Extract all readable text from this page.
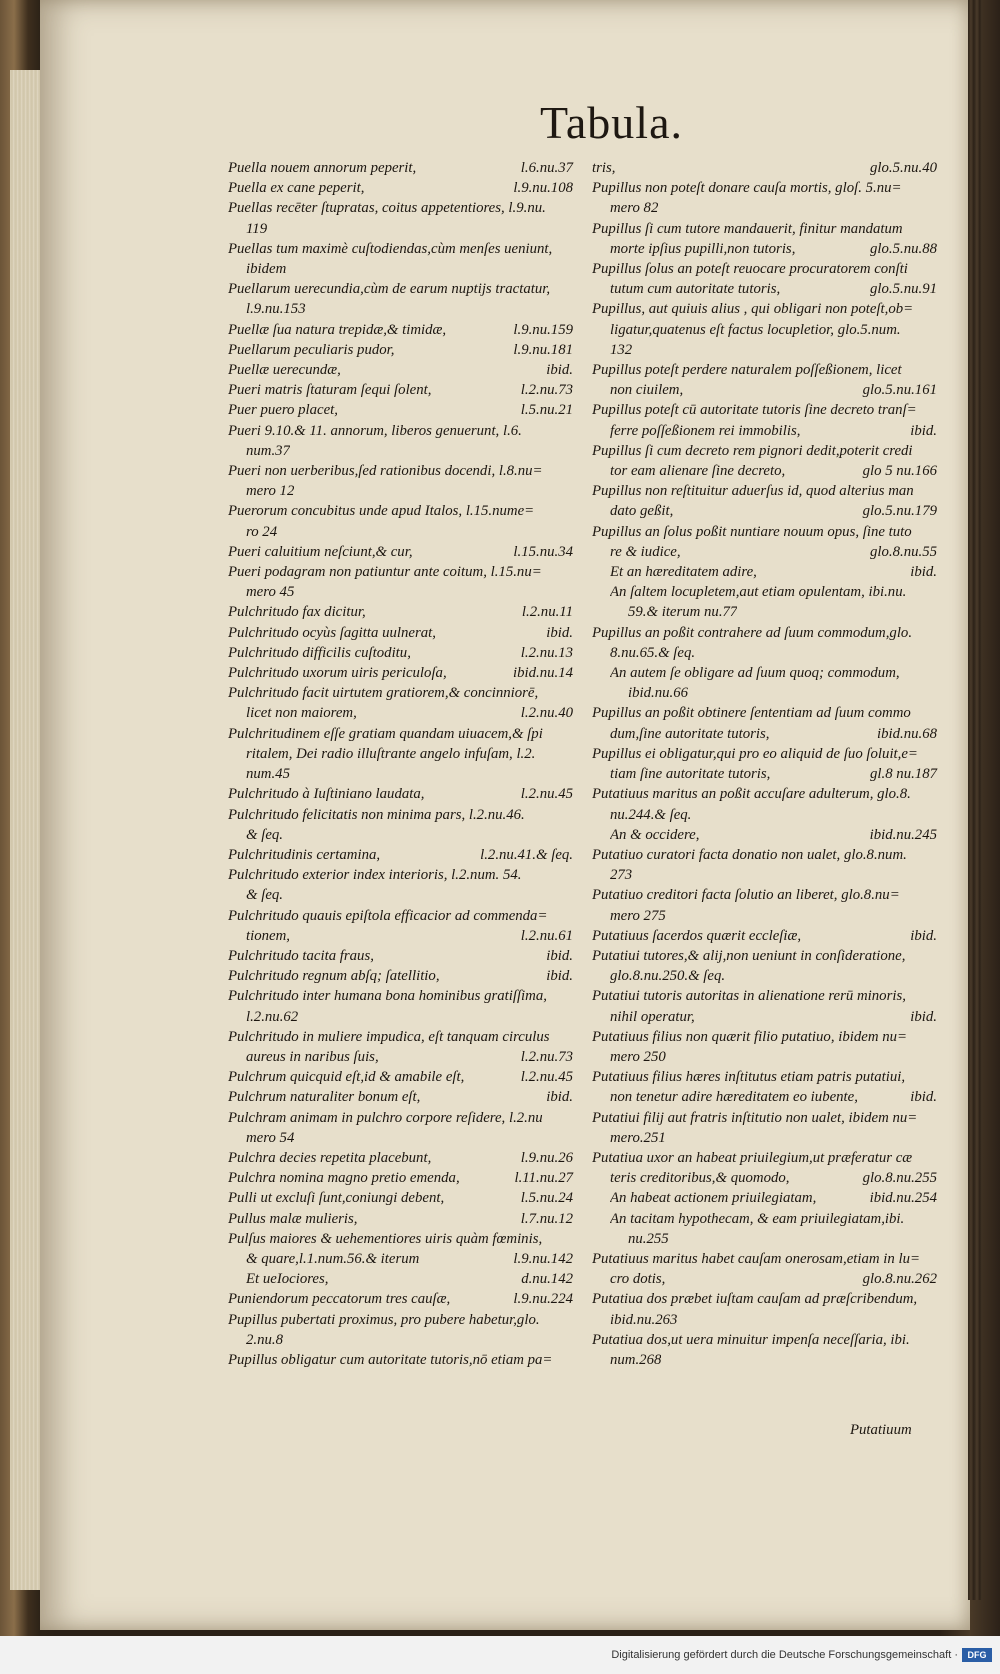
Tabula.
Puella nouem annorum peperit,	l.6.nu.37
Puella ex cane peperit,	l.9.nu.108
Puellas recēter ſtupratas, coitus appetentiores, l.9.nu.
119
Puellas tum maximè cuſtodiendas,cùm menſes ueniunt,
ibidem
Puellarum uerecundia,cùm de earum nuptijs tractatur,
l.9.nu.153
Puellæ ſua natura trepidæ,& timidæ,	l.9.nu.159
Puellarum peculiaris pudor,	l.9.nu.181
Puellæ uerecundæ,	ibid.
Pueri matris ſtaturam ſequi ſolent,	l.2.nu.73
Puer puero placet,	l.5.nu.21
Pueri 9.10.& 11. annorum, liberos genuerunt, l.6.
num.37
Pueri non uerberibus,ſed rationibus docendi, l.8.nu=
mero 12
Puerorum concubitus unde apud Italos, l.15.nume=
ro 24
Pueri caluitium neſciunt,& cur,	l.15.nu.34
Pueri podagram non patiuntur ante coitum, l.15.nu=
mero 45
Pulchritudo fax dicitur,	l.2.nu.11
Pulchritudo ocyùs ſagitta uulnerat,	ibid.
Pulchritudo difficilis cuſtoditu,	l.2.nu.13
Pulchritudo uxorum uiris periculoſa,	ibid.nu.14
Pulchritudo facit uirtutem gratiorem,& concinniorē,
licet non maiorem,	l.2.nu.40
Pulchritudinem eſſe gratiam quandam uiuacem,& ſpi
ritalem, Dei radio illuſtrante angelo infuſam, l.2.
num.45
Pulchritudo à Iuſtiniano laudata,	l.2.nu.45
Pulchritudo felicitatis non minima pars, l.2.nu.46.
& ſeq.
Pulchritudinis certamina,	l.2.nu.41.& ſeq.
Pulchritudo exterior index interioris, l.2.num. 54.
& ſeq.
Pulchritudo quauis epiſtola efficacior ad commenda=
tionem,	l.2.nu.61
Pulchritudo tacita fraus,	ibid.
Pulchritudo regnum abſq; ſatellitio,	ibid.
Pulchritudo inter humana bona hominibus gratiſſima,
l.2.nu.62
Pulchritudo in muliere impudica, eſt tanquam circulus
aureus in naribus ſuis,	l.2.nu.73
Pulchrum quicquid eſt,id & amabile eſt,	l.2.nu.45
Pulchrum naturaliter bonum eſt,	ibid.
Pulchram animam in pulchro corpore reſidere, l.2.nu
mero 54
Pulchra decies repetita placebunt,	l.9.nu.26
Pulchra nomina magno pretio emenda,	l.11.nu.27
Pulli ut excluſi ſunt,coniungi debent,	l.5.nu.24
Pullus malæ mulieris,	l.7.nu.12
Pulſus maiores & uehementiores uiris quàm fœminis,
& quare,l.1.num.56.& iterum	l.9.nu.142
Et ueIociores,	d.nu.142
Puniendorum peccatorum tres cauſæ,	l.9.nu.224
Pupillus pubertati proximus, pro pubere habetur,glo.
2.nu.8
Pupillus obligatur cum autoritate tutoris,nō etiam pa=
tris,	glo.5.nu.40
Pupillus non poteſt donare cauſa mortis, gloſ. 5.nu=
mero 82
Pupillus ſi cum tutore mandauerit, finitur mandatum
morte ipſius pupilli,non tutoris,	glo.5.nu.88
Pupillus ſolus an poteſt reuocare procuratorem conſti
tutum cum autoritate tutoris,	glo.5.nu.91
Pupillus, aut quiuis alius , qui obligari non poteſt,ob=
ligatur,quatenus eſt factus locupletior, glo.5.num.
132
Pupillus poteſt perdere naturalem poſſeßionem, licet
non ciuilem,	glo.5.nu.161
Pupillus poteſt cū autoritate tutoris ſine decreto tranſ=
ferre poſſeßionem rei immobilis,	ibid.
Pupillus ſi cum decreto rem pignori dedit,poterit credi
tor eam alienare ſine decreto,	glo 5 nu.166
Pupillus non reſtituitur aduerſus id, quod alterius man
dato geßit,	glo.5.nu.179
Pupillus an ſolus poßit nuntiare nouum opus, ſine tuto
re & iudice,	glo.8.nu.55
Et an hæreditatem adire,	ibid.
An ſaltem locupletem,aut etiam opulentam, ibi.nu.
59.& iterum nu.77
Pupillus an poßit contrahere ad ſuum commodum,glo.
8.nu.65.& ſeq.
An autem ſe obligare ad ſuum quoq; commodum,
ibid.nu.66
Pupillus an poßit obtinere ſententiam ad ſuum commo
dum,ſine autoritate tutoris,	ibid.nu.68
Pupillus ei obligatur,qui pro eo aliquid de ſuo ſoluit,e=
tiam ſine autoritate tutoris,	gl.8 nu.187
Putatiuus maritus an poßit accuſare adulterum, glo.8.
nu.244.& ſeq.
An & occidere,	ibid.nu.245
Putatiuo curatori facta donatio non ualet, glo.8.num.
273
Putatiuo creditori facta ſolutio an liberet, glo.8.nu=
mero 275
Putatiuus ſacerdos quærit eccleſiæ,	ibid.
Putatiui tutores,& alij,non ueniunt in conſideratione,
glo.8.nu.250.& ſeq.
Putatiui tutoris autoritas in alienatione rerū minoris,
nihil operatur,	ibid.
Putatiuus filius non quærit filio putatiuo, ibidem nu=
mero 250
Putatiuus filius hæres inſtitutus etiam patris putatiui,
non tenetur adire hæreditatem eo iubente,	ibid.
Putatiui filij aut fratris inſtitutio non ualet, ibidem nu=
mero.251
Putatiua uxor an habeat priuilegium,ut præferatur cæ
teris creditoribus,& quomodo,	glo.8.nu.255
An habeat actionem priuilegiatam,	ibid.nu.254
An tacitam hypothecam, & eam priuilegiatam,ibi.
nu.255
Putatiuus maritus habet cauſam onerosam,etiam in lu=
cro dotis,	glo.8.nu.262
Putatiua dos præbet iuſtam cauſam ad præſcribendum,
ibid.nu.263
Putatiua dos,ut uera minuitur impenſa neceſſaria, ibi.
num.268
Putatiuum
Digitalisierung gefördert durch die Deutsche Forschungsgemeinschaft ·	DFG
